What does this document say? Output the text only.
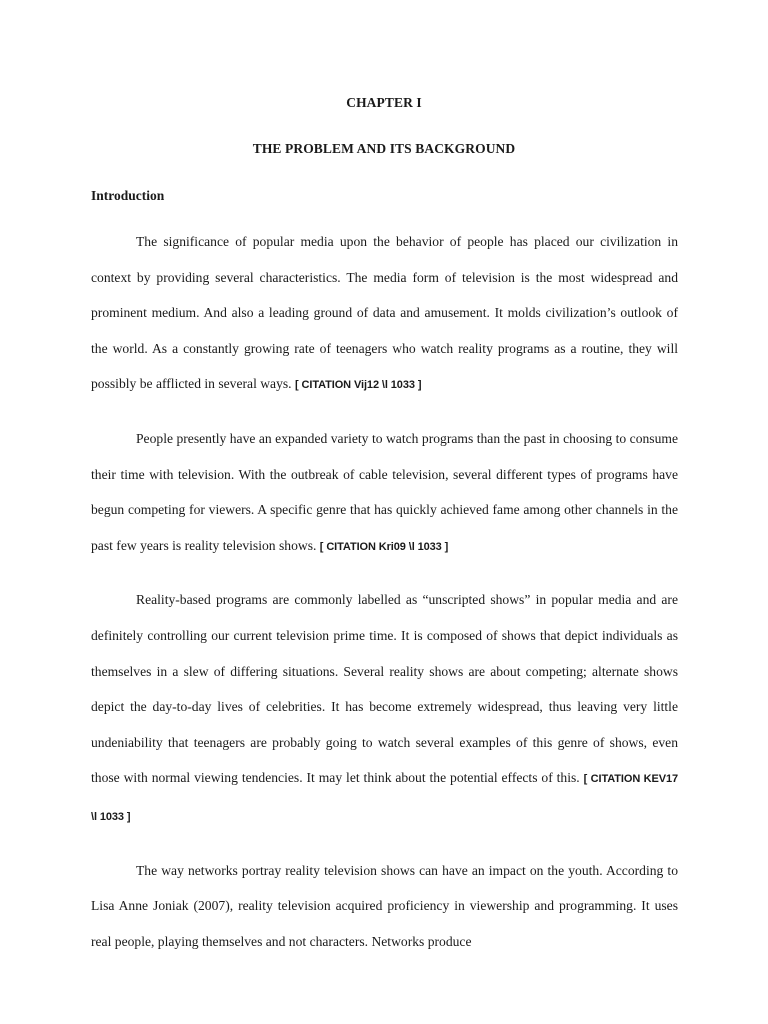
CHAPTER I
THE PROBLEM AND ITS BACKGROUND
Introduction

The significance of popular media upon the behavior of people has placed our civilization in context by providing several characteristics. The media form of television is the most widespread and prominent medium. And also a leading ground of data and amusement. It molds civilization’s outlook of the world. As a constantly growing rate of teenagers who watch reality programs as a routine, they will possibly be afflicted in several ways. [ CITATION Vij12 \l 1033 ]

People presently have an expanded variety to watch programs than the past in choosing to consume their time with television. With the outbreak of cable television, several different types of programs have begun competing for viewers. A specific genre that has quickly achieved fame among other channels in the past few years is reality television shows. [ CITATION Kri09 \l 1033 ]

Reality-based programs are commonly labelled as “unscripted shows” in popular media and are definitely controlling our current television prime time. It is composed of shows that depict individuals as themselves in a slew of differing situations. Several reality shows are about competing; alternate shows depict the day-to-day lives of celebrities. It has become extremely widespread, thus leaving very little undeniability that teenagers are probably going to watch several examples of this genre of shows, even those with normal viewing tendencies. It may let think about the potential effects of this. [ CITATION KEV17 \l 1033 ]

The way networks portray reality television shows can have an impact on the youth. According to Lisa Anne Joniak (2007), reality television acquired proficiency in viewership and programming. It uses real people, playing themselves and not characters. Networks produce
